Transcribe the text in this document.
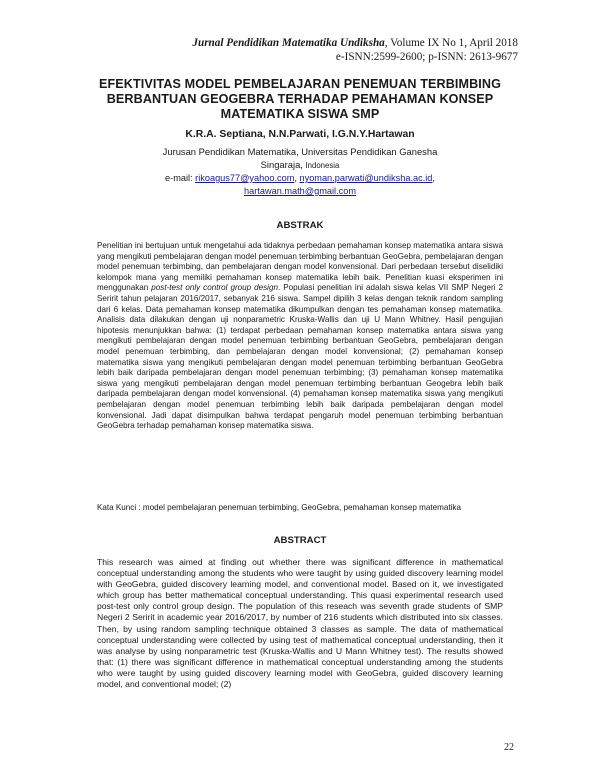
Jurnal Pendidikan Matematika Undiksha, Volume IX No 1, April 2018
e-ISNN:2599-2600; p-ISNN: 2613-9677
EFEKTIVITAS MODEL PEMBELAJARAN PENEMUAN TERBIMBING
BERBANTUAN GEOGEBRA TERHADAP PEMAHAMAN KONSEP
MATEMATIKA SISWA SMP
K.R.A. Septiana, N.N.Parwati, I.G.N.Y.Hartawan
Jurusan Pendidikan Matematika, Universitas Pendidikan Ganesha
Singaraja, Indonesia
e-mail: rikoagus77@yahoo.com, nyoman.parwati@undiksha.ac.id,
hartawan.math@gmail.com
ABSTRAK
Penelitian ini bertujuan untuk mengetahui ada tidaknya perbedaan pemahaman konsep matematika antara siswa yang mengikuti pembelajaran dengan model penemuan terbimbing berbantuan GeoGebra, pembelajaran dengan model penemuan terbimbing, dan pembelajaran dengan model konvensional. Dari perbedaan tersebut diselidiki kelompok mana yang memiliki pemahaman konsep matematika lebih baik. Penelitian kuasi eksperimen ini menggunakan post-test only control group design. Populasi penelitian ini adalah siswa kelas VII SMP Negeri 2 Seririt tahun pelajaran 2016/2017, sebanyak 216 siswa. Sampel dipilih 3 kelas dengan teknik random sampling dari 6 kelas. Data pemahaman konsep matematika dikumpulkan dengan tes pemahaman konsep matematika. Analisis data dilakukan dengan uji nonparametric Kruska-Wallis dan uji U Mann Whitney. Hasil pengujian hipotesis menunjukkan bahwa: (1) terdapat perbedaan pemahaman konsep matematika antara siswa yang mengikuti pembelajaran dengan model penemuan terbimbing berbantuan GeoGebra, pembelajaran dengan model penemuan terbimbing, dan pembelajaran dengan model konvensional; (2) pemahaman konsep matematika siswa yang mengikuti pembelajaran dengan model penemuan terbimbing berbantuan GeoGebra lebih baik daripada pembelajaran dengan model penemuan terbimbing; (3) pemahaman konsep matematika siswa yang mengikuti pembelajaran dengan model penemuan terbimbing berbantuan Geogebra lebih baik daripada pembelajaran dengan model konvensional. (4) pemahaman konsep matematika siswa yang mengikuti pembelajaran dengan model penemuan terbimbing lebih baik daripada pembelajaran dengan model konvensional. Jadi dapat disimpulkan bahwa terdapat pengaruh model penemuan terbimbing berbantuan GeoGebra terhadap pemahaman konsep matematika siswa.
Kata Kunci : model pembelajaran penemuan terbimbing, GeoGebra, pemahaman konsep matematika
ABSTRACT
This research was aimed at finding out whether there was significant difference in mathematical conceptual understanding among the students who were taught by using guided discovery learning model with GeoGebra, guided discovery learning model, and conventional model. Based on it, we investigated which group has better mathematical conceptual understanding. This quasi experimental research used post-test only control group design. The population of this reseach was seventh grade students of SMP Negeri 2 Seririt in academic year 2016/2017, by number of 216 students which distributed into six classes. Then, by using random sampling technique obtained 3 classes as sample. The data of mathematical conceptual understanding were collected by using test of mathematical conceptual understanding, then it was analyse by using nonparametric test (Kruska-Wallis and U Mann Whitney test). The results showed that: (1) there was significant difference in mathematical conceptual understanding among the students who were taught by using guided discovery learning model with GeoGebra, guided discovery learning model, and conventional model; (2)
22
